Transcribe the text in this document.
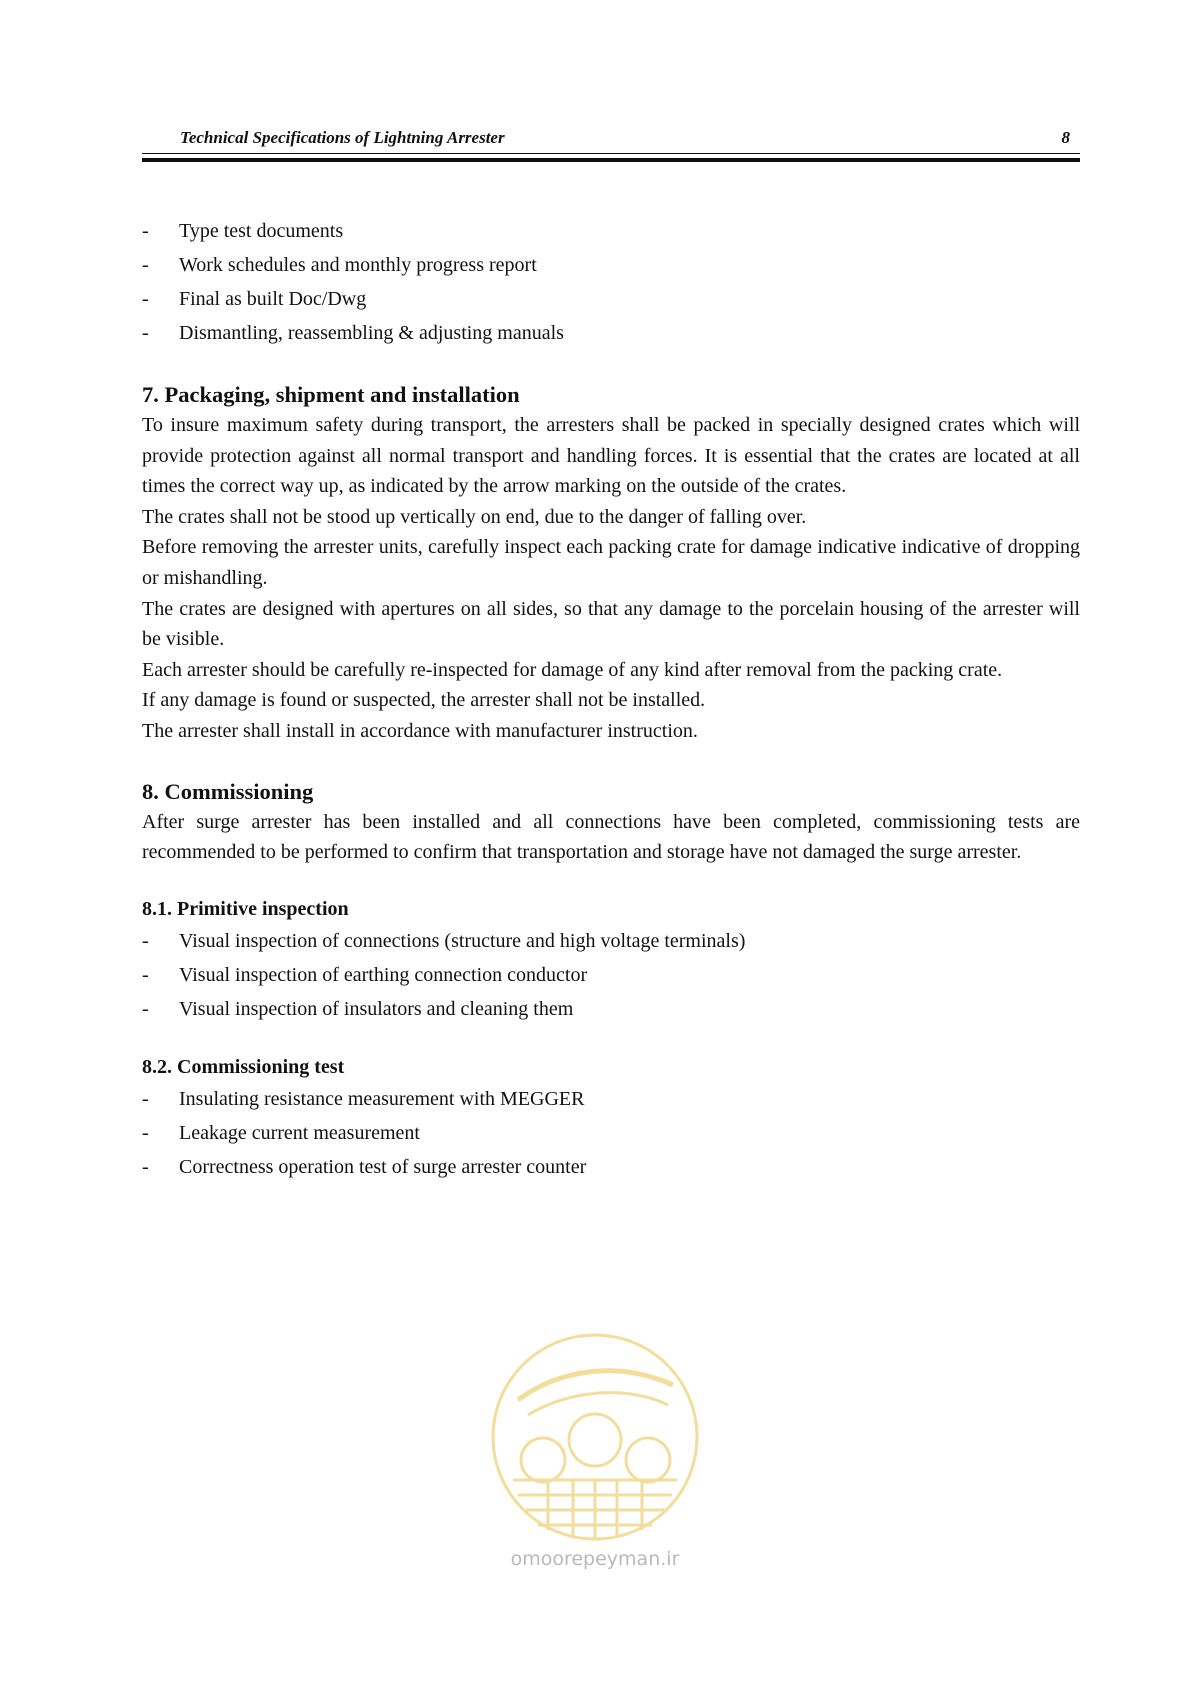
Technical Specifications of Lightning Arrester	8
- Type test documents
- Work schedules and monthly progress report
- Final as built Doc/Dwg
- Dismantling, reassembling & adjusting manuals
7. Packaging, shipment and installation

To insure maximum safety during transport, the arresters shall be packed in specially designed crates which will provide protection against all normal transport and handling forces. It is essential that the crates are located at all times the correct way up, as indicated by the arrow marking on the outside of the crates.

The crates shall not be stood up vertically on end, due to the danger of falling over.

Before removing the arrester units, carefully inspect each packing crate for damage indicative indicative of dropping or mishandling.

The crates are designed with apertures on all sides, so that any damage to the porcelain housing of the arrester will be visible.

Each arrester should be carefully re-inspected for damage of any kind after removal from the packing crate.

If any damage is found or suspected, the arrester shall not be installed.

The arrester shall install in accordance with manufacturer instruction.

8. Commissioning

After surge arrester has been installed and all connections have been completed, commissioning tests are recommended to be performed to confirm that transportation and storage have not damaged the surge arrester.

8.1. Primitive inspection
- Visual inspection of connections (structure and high voltage terminals)
- Visual inspection of earthing connection conductor
- Visual inspection of insulators and cleaning them
8.2. Commissioning test
- Insulating resistance measurement with MEGGER
- Leakage current measurement
- Correctness operation test of surge arrester counter
omoorepeyman.ir
